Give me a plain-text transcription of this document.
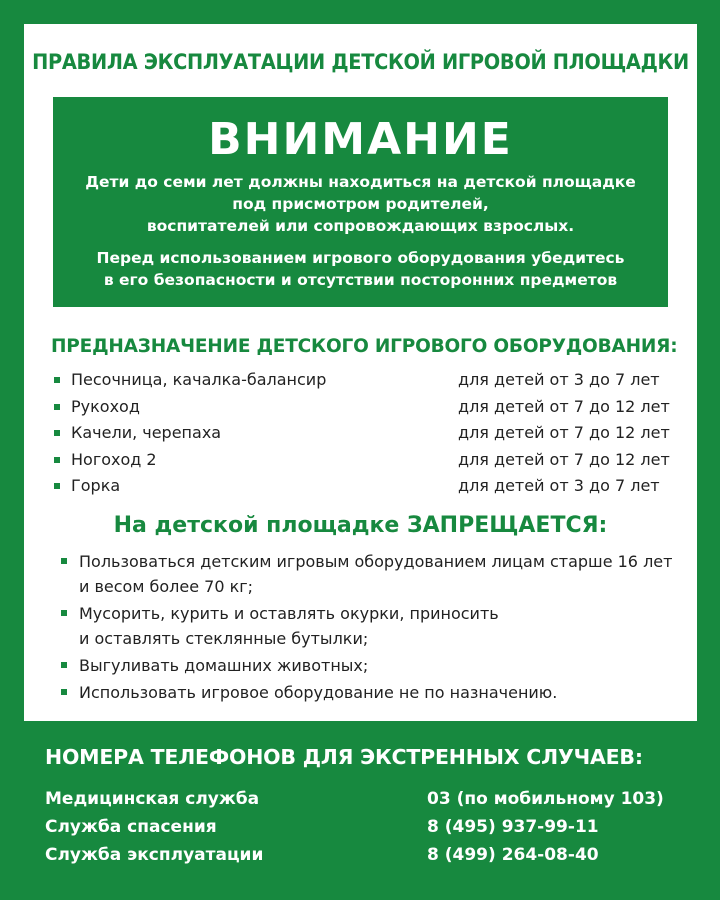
ПРАВИЛА ЭКСПЛУАТАЦИИ ДЕТСКОЙ ИГРОВОЙ ПЛОЩАДКИ
ВНИМАНИЕ

Дети до семи лет должны находиться на детской площадке
под присмотром родителей,
воспитателей или сопровождающих взрослых.

Перед использованием игрового оборудования убедитесь
в его безопасности и отсутствии посторонних предметов

ПРЕДНАЗНАЧЕНИЕ ДЕТСКОГО ИГРОВОГО ОБОРУДОВАНИЯ:
Песочница, качалка-балансир	для детей от 3 до 7 лет
Рукоход	для детей от 7 до 12 лет
Качели, черепаха	для детей от 7 до 12 лет
Ногоход 2	для детей от 7 до 12 лет
Горка	для детей от 3 до 7 лет
На детской площадке ЗАПРЕЩАЕТСЯ:
Пользоваться детским игровым оборудованием лицам старше 16 лет
и весом более 70 кг;
Мусорить, курить и оставлять окурки, приносить
и оставлять стеклянные бутылки;
Выгуливать домашних животных;
Использовать игровое оборудование не по назначению.
НОМЕРА ТЕЛЕФОНОВ ДЛЯ ЭКСТРЕННЫХ СЛУЧАЕВ:
Медицинская служба	03 (по мобильному 103)
Служба спасения	8 (495) 937-99-11
Служба эксплуатации	8 (499) 264-08-40
